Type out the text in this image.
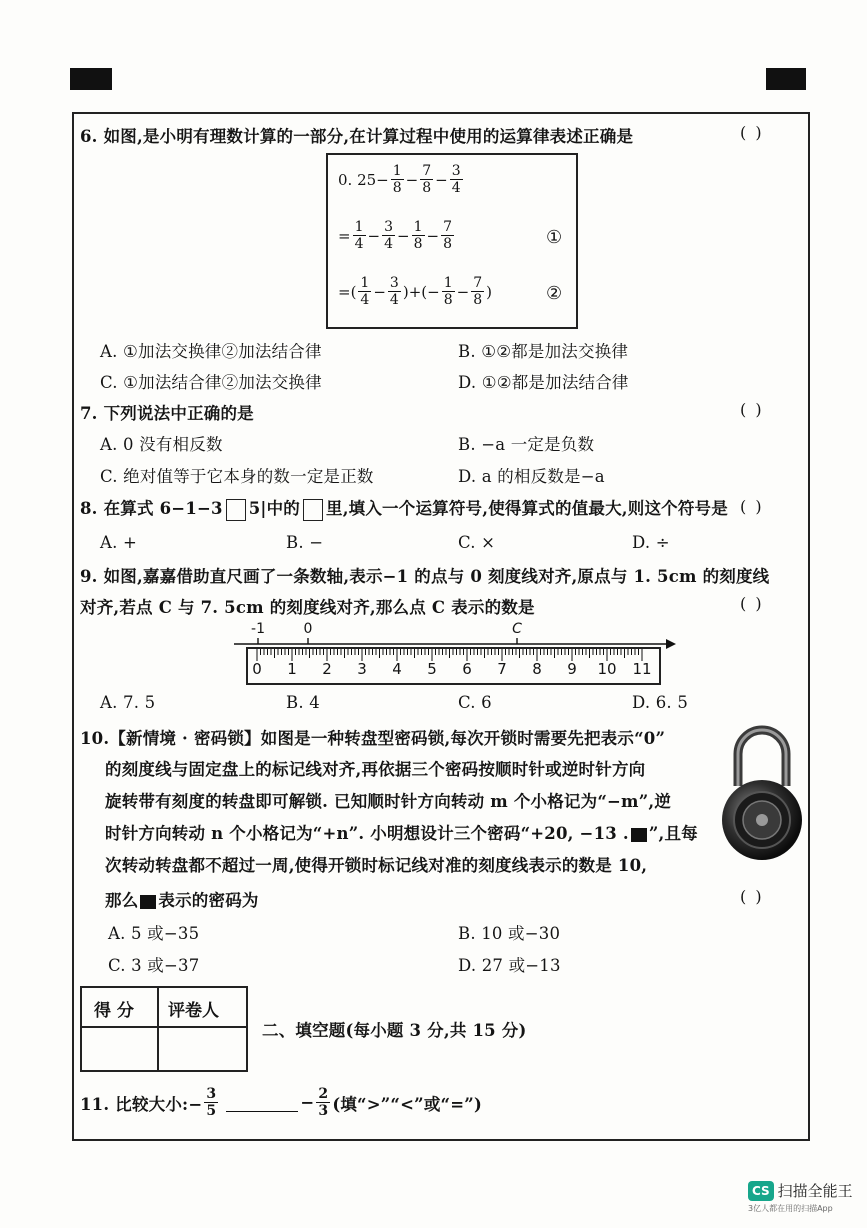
6. 如图,是小明有理数计算的一部分,在计算过程中使用的运算律表述正确是	( )
0. $25- \frac{1}{8} - \frac{7}{8} - \frac{3}{4}$
= $\frac{1}{4} - \frac{3}{4} - \frac{1}{8} - \frac{7}{8}$	①
=( $\frac{1}{4} - \frac{3}{4}$ )+( − $\frac{1}{8} - \frac{7}{8}$ )	②
A. ①加法交换律②加法结合律	B. ①②都是加法交换律
C. ①加法结合律②加法交换律	D. ①②都是加法结合律
7. 下列说法中正确的是	( )
A. 0 没有相反数	B. −a 一定是负数
C. 绝对值等于它本身的数一定是正数	D. a 的相反数是−a
8. 在算式 6−1−3 5|中的 里,填入一个运算符号,使得算式的值最大,则这个符号是 ( )
A. +	B. −	C. ×	D. ÷
9. 如图,嘉嘉借助直尺画了一条数轴,表示−1 的点与 0 刻度线对齐,原点与 1. 5cm 的刻度线
对齐,若点 C 与 7. 5cm 的刻度线对齐,那么点 C 表示的数是	( )
-1	0	C
0 1 2 3 4 5 6 7 8 9 10 11
A. 7. 5	B. 4	C. 6	D. 6. 5
10.【新情境 · 密码锁】如图是一种转盘型密码锁,每次开锁时需要先把表示“0”
的刻度线与固定盘上的标记线对齐,再依据三个密码按顺时针或逆时针方向
旋转带有刻度的转盘即可解锁. 已知顺时针方向转动 m 个小格记为“−m”,逆
时针方向转动 n 个小格记为“+n”. 小明想设计三个密码“+20, −13 . ”,且每
次转动转盘都不超过一周,使得开锁时标记线对准的刻度线表示的数是 10,
那么 表示的密码为	( )
A. 5 或−35	B. 10 或−30
C. 3 或−37	D. 27 或−13
得 分 评卷人
二、填空题(每小题 3 分,共 15 分)
11. 比较大小:− $\frac{3}{5}$	− $\frac{2}{3}$ (填“>”“<”或“=”)
CS 扫描全能王
3亿人都在用的扫描App
